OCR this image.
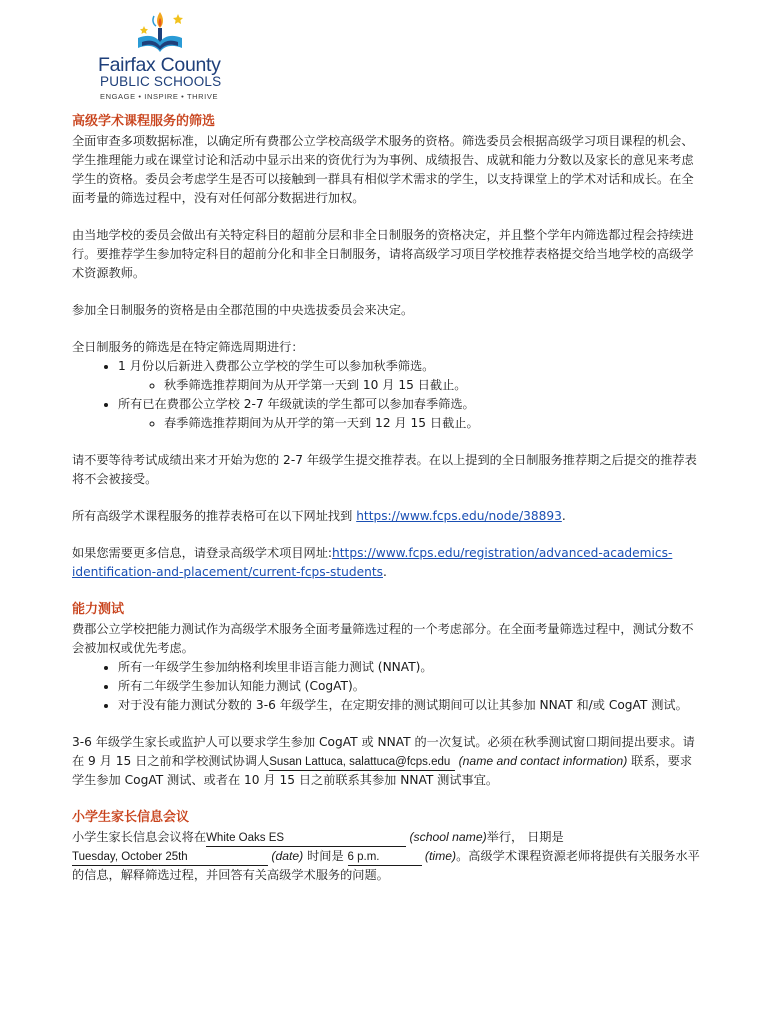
Fairfax County
PUBLIC SCHOOLS
ENGAGE • INSPIRE • THRIVE
高级学术课程服务的筛选

全面审查多项数据标准，以确定所有费郡公立学校高级学术服务的资格。筛选委员会根据高级学习项目课程的机会、学生推理能力或在课堂讨论和活动中显示出来的资优行为为事例、成绩报告、成就和能力分数以及家长的意见来考虑学生的资格。委员会考虑学生是否可以接触到一群具有相似学术需求的学生，以支持课堂上的学术对话和成长。在全面考量的筛选过程中，没有对任何部分数据进行加权。

由当地学校的委员会做出有关特定科目的超前分层和非全日制服务的资格决定，并且整个学年内筛选都过程会持续进行。要推荐学生参加特定科目的超前分化和非全日制服务，请将高级学习项目学校推荐表格提交给当地学校的高级学术资源教师。

参加全日制服务的资格是由全郡范围的中央选拔委员会来决定。

全日制服务的筛选是在特定筛选周期进行：
• 1 月份以后新进入费郡公立学校的学生可以参加秋季筛选。
◦ 秋季筛选推荐期间为从开学第一天到 10 月 15 日截止。
• 所有已在费郡公立学校 2-7 年级就读的学生都可以参加春季筛选。
◦ 春季筛选推荐期间为从开学的第一天到 12 月 15 日截止。

请不要等待考试成绩出来才开始为您的 2-7 年级学生提交推荐表。在以上提到的全日制服务推荐期之后提交的推荐表将不会被接受。

所有高级学术课程服务的推荐表格可在以下网址找到 https://www.fcps.edu/node/38893.

如果您需要更多信息，请登录高级学术项目网址:https://www.fcps.edu/registration/advanced-academics-identification-and-placement/current-fcps-students.

能力测试
费郡公立学校把能力测试作为高级学术服务全面考量筛选过程的一个考虑部分。在全面考量筛选过程中，测试分数不会被加权或优先考虑。
• 所有一年级学生参加纳格利埃里非语言能力测试 (NNAT)。
• 所有二年级学生参加认知能力测试 (CogAT)。
• 对于没有能力测试分数的 3-6 年级学生，在定期安排的测试期间可以让其参加 NNAT 和/或 CogAT 测试。

3-6 年级学生家长或监护人可以要求学生参加 CogAT 或 NNAT 的一次复试。必须在秋季测试窗口期间提出要求。请在 9 月 15 日之前和学校测试协调人Susan Lattuca, salattuca@fcps.edu (name and contact information) 联系，要求学生参加 CogAT 测试、或者在 10 月 15 日之前联系其参加 NNAT 测试事宜。

小学生家长信息会议

小学生家长信息会议将在White Oaks ES	(school name)举行， 日期是
Tuesday, October 25th	(date) 时间是 6 p.m.	(time)。高级学术课程资源老师将提供有关服务水平的信息，解释筛选过程，并回答有关高级学术服务的问题。
